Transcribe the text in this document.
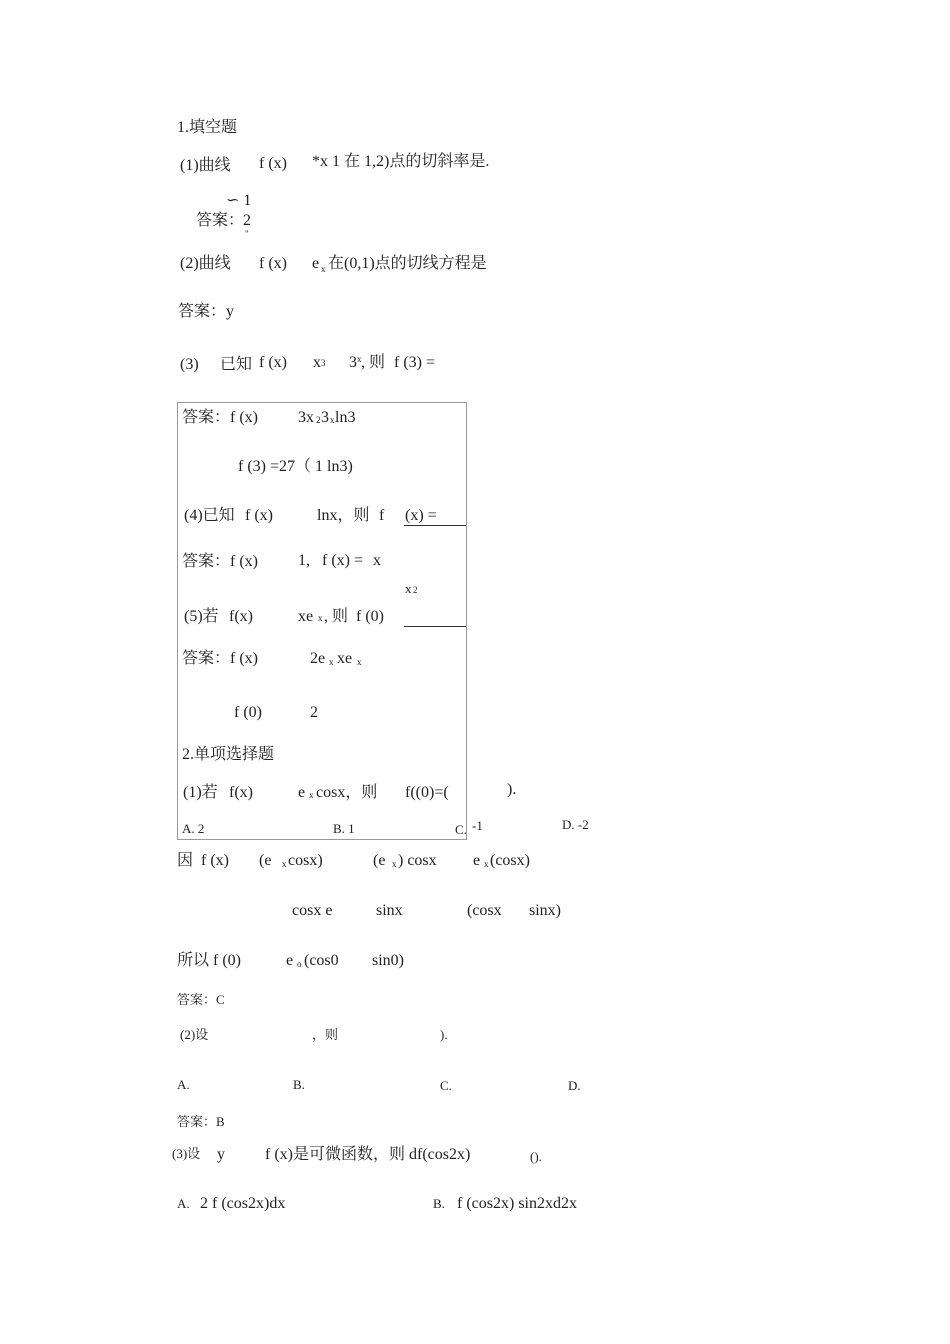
1.填空题
(1)曲线 f (x) *x 1 在 1,2)点的切斜率是.
∽ 1
答案：
2
"
(2)曲线 f (x) e x 在(0,1)点的切线方程是
答案：y
(3) 已知 f (x) x 3 3 x , 则 f (3) =
答案：f (x)	3x 2 3 x ln3
f (3) =27（ 1 ln3)
(4)已知 f (x)	lnx，则 f (x) =
答案：f (x)	1, f (x) = x
x 2
(5)若 f(x)	xe x , 则 f (0)
答案：f (x)	2e x xe x
f (0)	2
2.单项选择题
(1)若 f(x)	e x cosx，则 f((0)=(	).
A. 2	B. 1	C. -1	D. -2
因 f (x) (e x cosx)	(e x ) cosx e x (cosx)
cosx e	sinx	(cosx sinx)
所以 f (0)	e o (cos0 sin0)
答案：C
(2)设	，则	).
A.	B.	C.	D.
答案：B
(3)设 y	f (x)是可微函数，则 df(cos2x)	().
A. 2 f (cos2x)dx	B. f (cos2x) sin2xd2x
